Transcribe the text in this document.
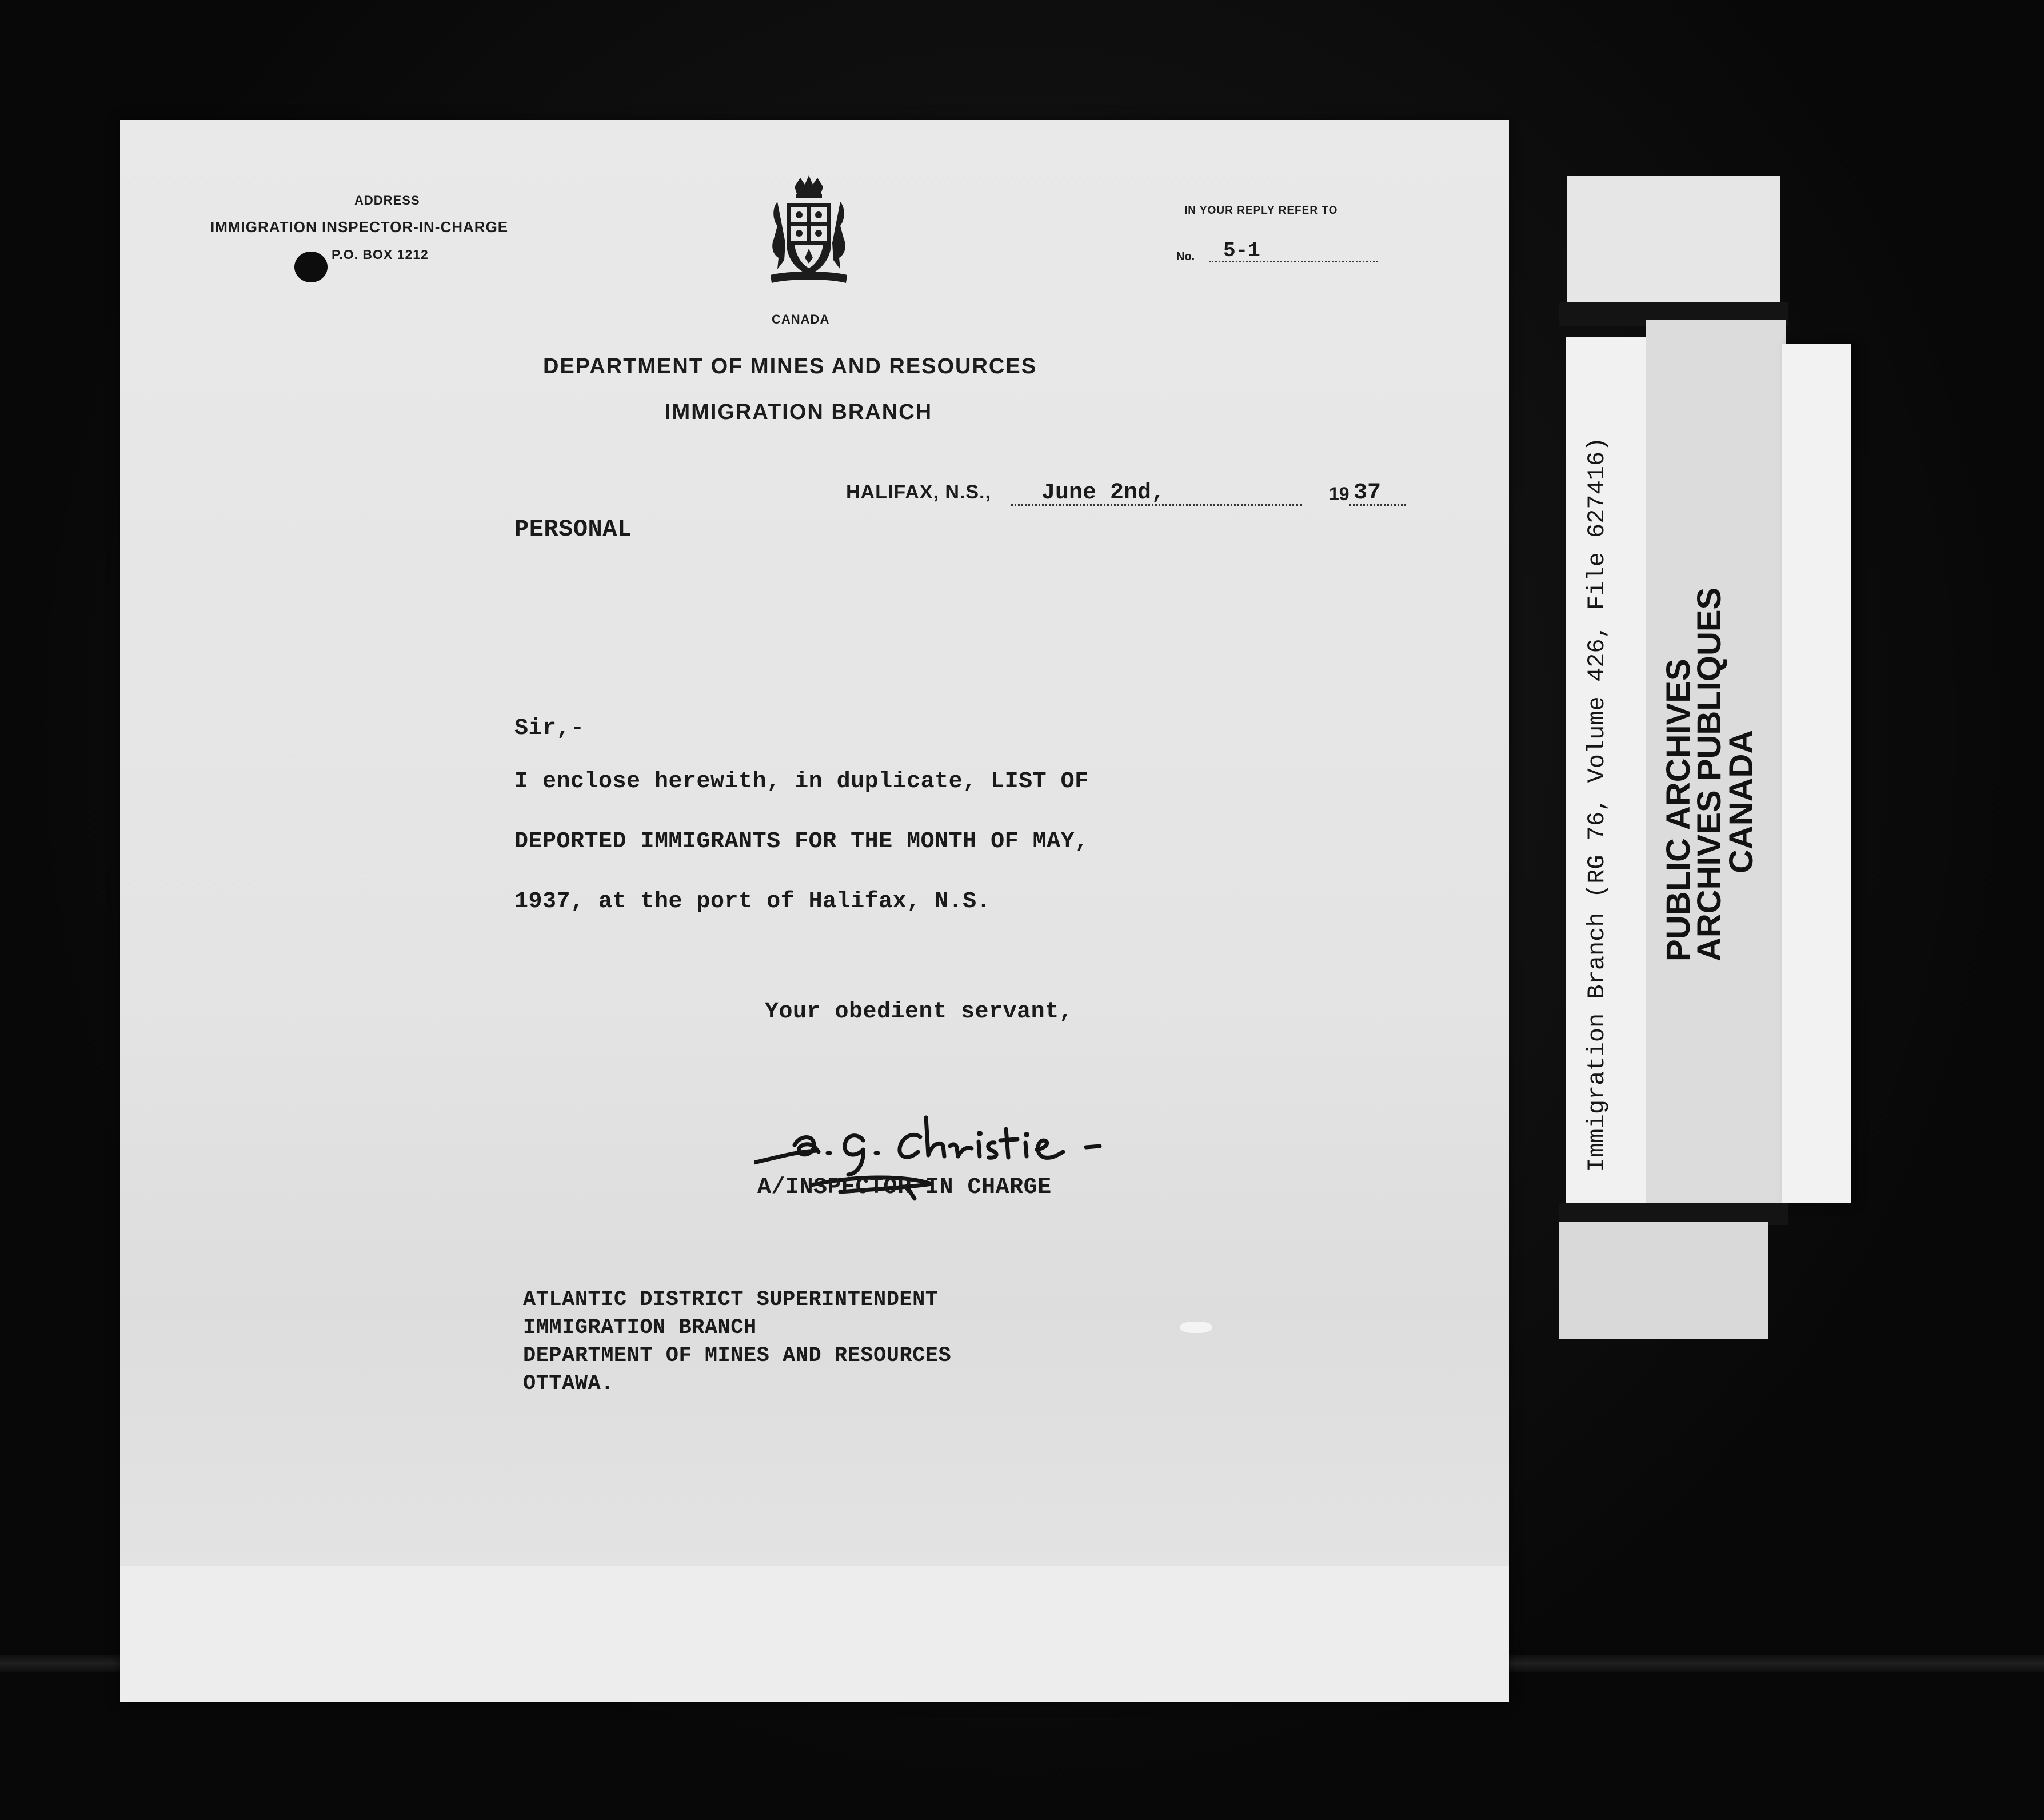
ADDRESS
IMMIGRATION INSPECTOR-IN-CHARGE
P.O. BOX 1212
CANADA
IN YOUR REPLY REFER TO
No. 5-1
DEPARTMENT OF MINES AND RESOURCES
IMMIGRATION BRANCH
HALIFAX, N.S., June 2nd,	19 37
PERSONAL
Sir,-
I enclose herewith, in duplicate, LIST OF
DEPORTED IMMIGRANTS FOR THE MONTH OF MAY,
1937, at the port of Halifax, N.S.
Your obedient servant,
A/INSPECTOR IN CHARGE
ATLANTIC DISTRICT SUPERINTENDENT
IMMIGRATION BRANCH
DEPARTMENT OF MINES AND RESOURCES
OTTAWA.
Immigration Branch (RG 76, Volume 426, File 627416) PUBLIC ARCHIVES
ARCHIVES PUBLIQUES
CANADA
